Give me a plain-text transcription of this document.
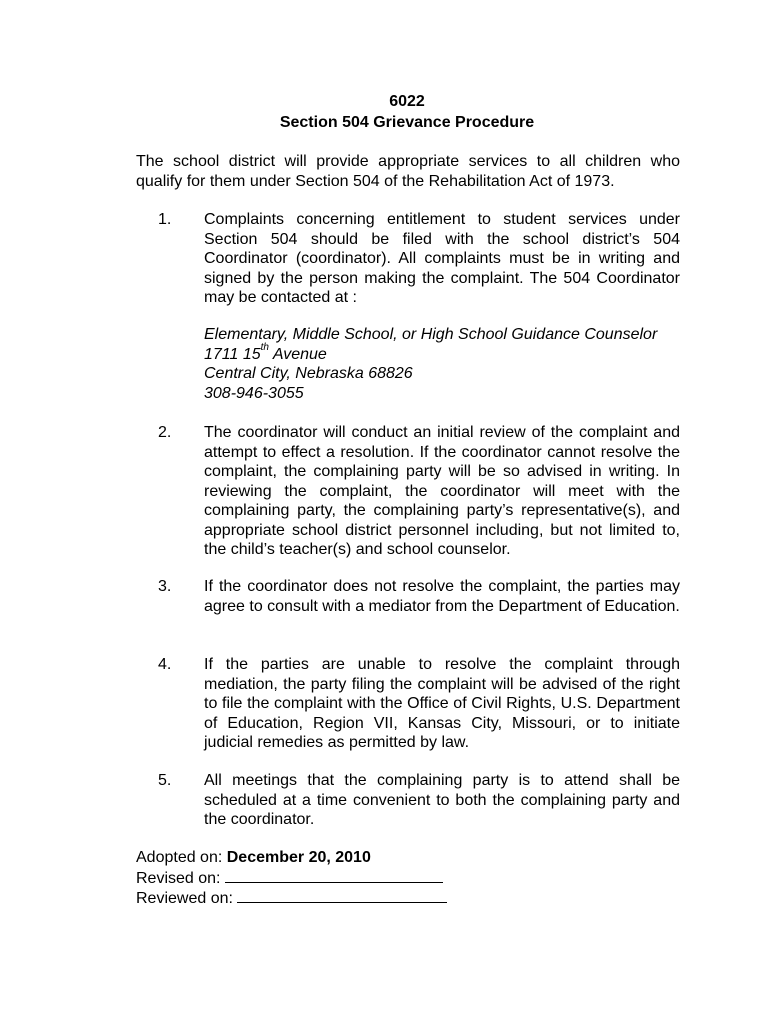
6022
Section 504 Grievance Procedure
The school district will provide appropriate services to all children who qualify for them under Section 504 of the Rehabilitation Act of 1973.
1.	Complaints concerning entitlement to student services under Section 504 should be filed with the school district’s 504 Coordinator (coordinator). All complaints must be in writing and signed by the person making the complaint. The 504 Coordinator may be contacted at :
Elementary, Middle School, or High School Guidance Counselor
1711 15th Avenue
Central City, Nebraska 68826
308-946-3055
2.	The coordinator will conduct an initial review of the complaint and attempt to effect a resolution. If the coordinator cannot resolve the complaint, the complaining party will be so advised in writing. In reviewing the complaint, the coordinator will meet with the complaining party, the complaining party’s representative(s), and appropriate school district personnel including, but not limited to, the child’s teacher(s) and school counselor.
3.	If the coordinator does not resolve the complaint, the parties may agree to consult with a mediator from the Department of Education.
4.	If the parties are unable to resolve the complaint through mediation, the party filing the complaint will be advised of the right to file the complaint with the Office of Civil Rights, U.S. Department of Education, Region VII, Kansas City, Missouri, or to initiate judicial remedies as permitted by law.
5.	All meetings that the complaining party is to attend shall be scheduled at a time convenient to both the complaining party and the coordinator.
Adopted on: December 20, 2010
Revised on:
Reviewed on:
